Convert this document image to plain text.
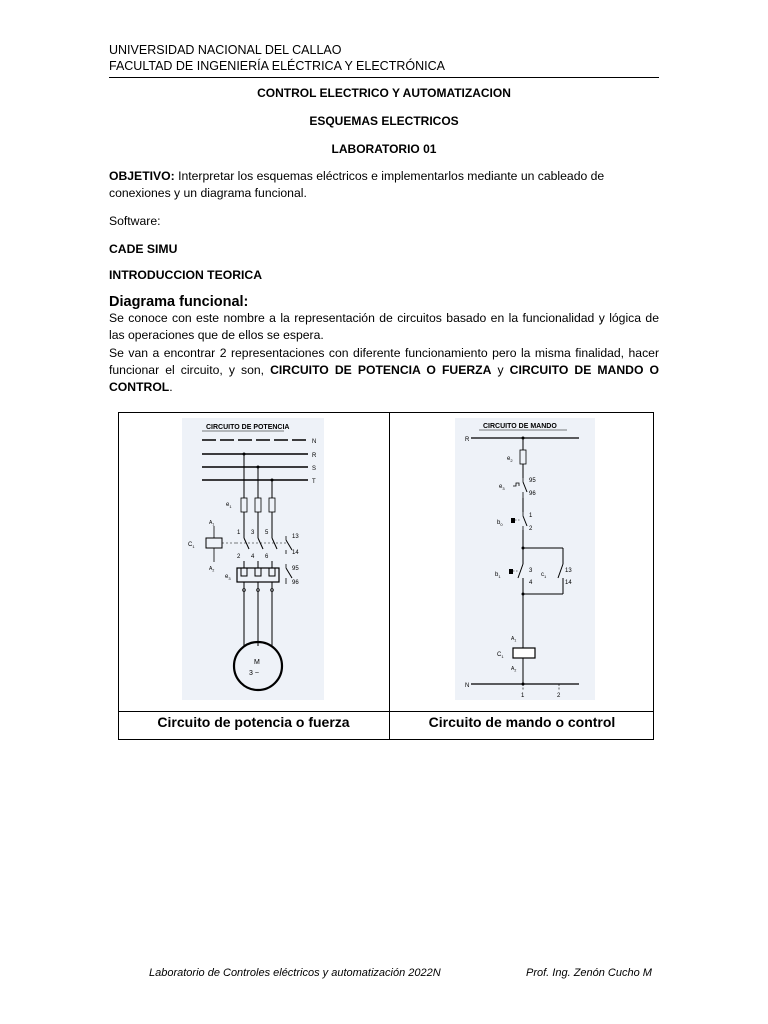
UNIVERSIDAD NACIONAL DEL CALLAO
FACULTAD DE INGENIERÍA ELÉCTRICA Y ELECTRÓNICA
CONTROL ELECTRICO Y AUTOMATIZACION
ESQUEMAS ELECTRICOS
LABORATORIO 01
OBJETIVO: Interpretar los esquemas eléctricos e implementarlos mediante un cableado de conexiones y un diagrama funcional.
Software:
CADE SIMU
INTRODUCCION TEORICA
Diagrama funcional:
Se conoce con este nombre a la representación de circuitos basado en la funcionalidad y lógica de las operaciones que de ellos se espera.
Se van a encontrar 2 representaciones con diferente funcionamiento pero la misma finalidad, hacer funcionar el circuito, y son, CIRCUITO DE POTENCIA O FUERZA y CIRCUITO DE MANDO O CONTROL.
CIRCUITO DE POTENCIA
N
R
S
T
$e_1$
1 3 5
2 4 6
$C_1$
$A_1$
$A_2$
13
14
$e_3$
95
96
M
3 ~
CIRCUITO DE MANDO
R
$e_2$
$e_3$
95
96
$b_0$
1
2
$b_1$
3
4
$c_1$
13
14
$A_1$
$C_1$
$A_2$
N
1	2
Circuito de potencia o fuerza	Circuito de mando o control
Laboratorio de Controles eléctricos y automatización 2022N	Prof. Ing. Zenón Cucho M
